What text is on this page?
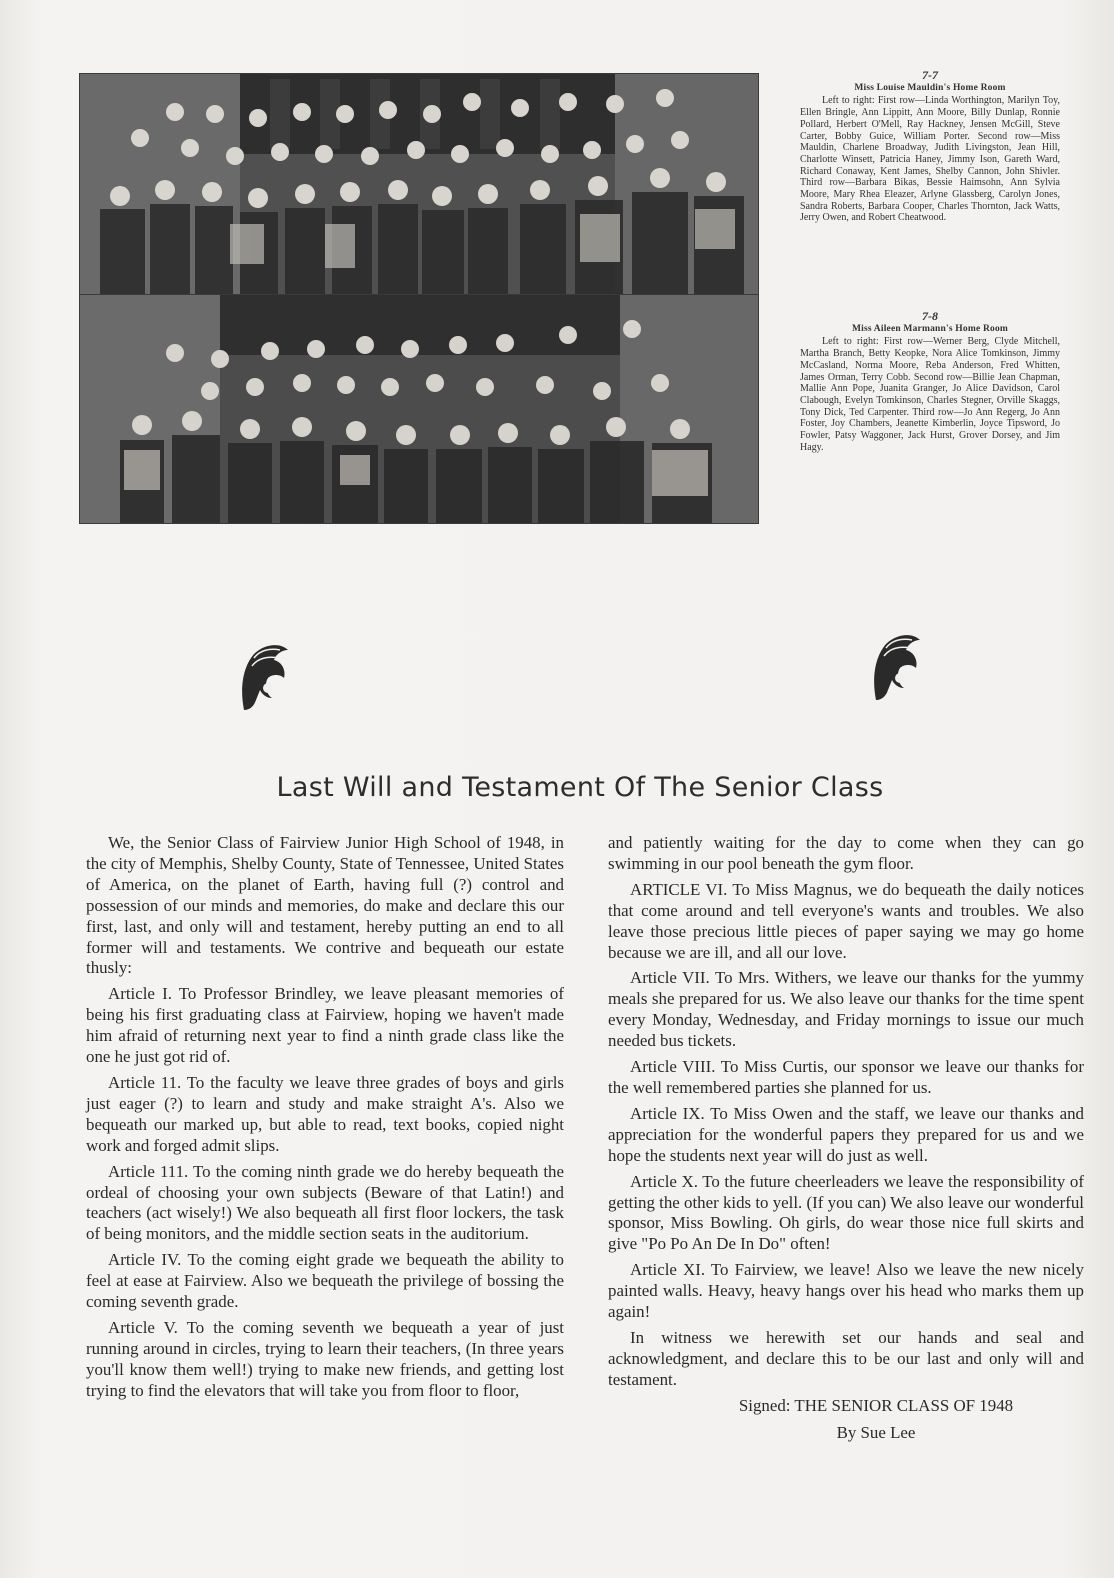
7-7
Miss Louise Mauldin's Home Room
Left to right: First row—Linda Worthington, Marilyn Toy, Ellen Bringle, Ann Lippitt, Ann Moore, Billy Dunlap, Ronnie Pollard, Herbert O'Mell, Ray Hackney, Jensen McGill, Steve Carter, Bobby Guice, William Porter. Second row—Miss Mauldin, Charlene Broadway, Judith Livingston, Jean Hill, Charlotte Winsett, Patricia Haney, Jimmy Ison, Gareth Ward, Richard Conaway, Kent James, Shelby Cannon, John Shivler. Third row—Barbara Bikas, Bessie Haimsohn, Ann Sylvia Moore, Mary Rhea Eleazer, Arlyne Glassberg, Carolyn Jones, Sandra Roberts, Barbara Cooper, Charles Thornton, Jack Watts, Jerry Owen, and Robert Cheatwood.
7-8
Miss Aileen Marmann's Home Room
Left to right: First row—Werner Berg, Clyde Mitchell, Martha Branch, Betty Keopke, Nora Alice Tomkinson, Jimmy McCasland, Norma Moore, Reba Anderson, Fred Whitten, James Orman, Terry Cobb. Second row—Billie Jean Chapman, Mallie Ann Pope, Juanita Granger, Jo Alice Davidson, Carol Clabough, Evelyn Tomkinson, Charles Stegner, Orville Skaggs, Tony Dick, Ted Carpenter. Third row—Jo Ann Regerg, Jo Ann Foster, Joy Chambers, Jeanette Kimberlin, Joyce Tipsword, Jo Fowler, Patsy Waggoner, Jack Hurst, Grover Dorsey, and Jim Hagy.
Last Will and Testament Of The Senior Class

We, the Senior Class of Fairview Junior High School of 1948, in the city of Memphis, Shelby County, State of Tennessee, United States of America, on the planet of Earth, having full (?) control and possession of our minds and memories, do make and declare this our first, last, and only will and testament, hereby putting an end to all former will and testaments. We contrive and bequeath our estate thusly:

Article I. To Professor Brindley, we leave pleasant memories of being his first graduating class at Fairview, hoping we haven't made him afraid of returning next year to find a ninth grade class like the one he just got rid of.

Article 11. To the faculty we leave three grades of boys and girls just eager (?) to learn and study and make straight A's. Also we bequeath our marked up, but able to read, text books, copied night work and forged admit slips.

Article 111. To the coming ninth grade we do hereby bequeath the ordeal of choosing your own subjects (Beware of that Latin!) and teachers (act wisely!) We also bequeath all first floor lockers, the task of being monitors, and the middle section seats in the auditorium.

Article IV. To the coming eight grade we bequeath the ability to feel at ease at Fairview. Also we bequeath the privilege of bossing the coming seventh grade.

Article V. To the coming seventh we bequeath a year of just running around in circles, trying to learn their teachers, (In three years you'll know them well!) trying to make new friends, and getting lost trying to find the elevators that will take you from floor to floor,

and patiently waiting for the day to come when they can go swimming in our pool beneath the gym floor.

ARTICLE VI. To Miss Magnus, we do bequeath the daily notices that come around and tell everyone's wants and troubles. We also leave those precious little pieces of paper saying we may go home because we are ill, and all our love.

Article VII. To Mrs. Withers, we leave our thanks for the yummy meals she prepared for us. We also leave our thanks for the time spent every Monday, Wednesday, and Friday mornings to issue our much needed bus tickets.

Article VIII. To Miss Curtis, our sponsor we leave our thanks for the well remembered parties she planned for us.

Article IX. To Miss Owen and the staff, we leave our thanks and appreciation for the wonderful papers they prepared for us and we hope the students next year will do just as well.

Article X. To the future cheerleaders we leave the responsibility of getting the other kids to yell. (If you can) We also leave our wonderful sponsor, Miss Bowling. Oh girls, do wear those nice full skirts and give "Po Po An De In Do" often!

Article XI. To Fairview, we leave! Also we leave the new nicely painted walls. Heavy, heavy hangs over his head who marks them up again!

In witness we herewith set our hands and seal and acknowledgment, and declare this to be our last and only will and testament.

Signed: THE SENIOR CLASS OF 1948

By Sue Lee
